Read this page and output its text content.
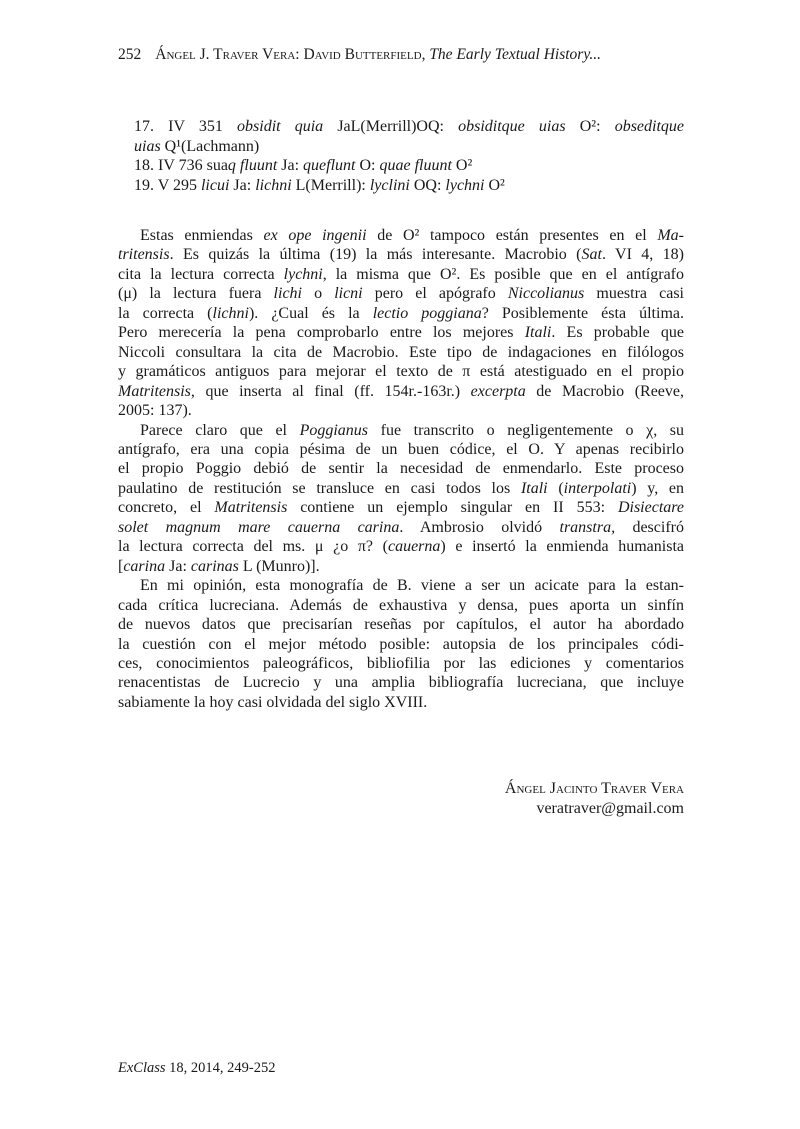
252 Ángel J. Traver Vera: David Butterfield, The Early Textual History...
17. IV 351 obsidit quia JaL(Merrill)OQ: obsiditque uias O²: obseditque
uias Q¹(Lachmann)
18. IV 736 suaq fluunt Ja: queflunt O: quae fluunt O²
19. V 295 licui Ja: lichni L(Merrill): lyclini OQ: lychni O²
Estas enmiendas ex ope ingenii de O² tampoco están presentes en el Ma-
tritensis. Es quizás la última (19) la más interesante. Macrobio (Sat. VI 4, 18)
cita la lectura correcta lychni, la misma que O². Es posible que en el antígrafo
(μ) la lectura fuera lichi o licni pero el apógrafo Niccolianus muestra casi
la correcta (lichni). ¿Cual és la lectio poggiana? Posiblemente ésta última.
Pero merecería la pena comprobarlo entre los mejores Itali. Es probable que
Niccoli consultara la cita de Macrobio. Este tipo de indagaciones en filólogos
y gramáticos antiguos para mejorar el texto de π está atestiguado en el propio
Matritensis, que inserta al final (ff. 154r.-163r.) excerpta de Macrobio (Reeve,
2005: 137).
Parece claro que el Poggianus fue transcrito o negligentemente o χ, su
antígrafo, era una copia pésima de un buen códice, el O. Y apenas recibirlo
el propio Poggio debió de sentir la necesidad de enmendarlo. Este proceso
paulatino de restitución se transluce en casi todos los Itali (interpolati) y, en
concreto, el Matritensis contiene un ejemplo singular en II 553: Disiectare
solet magnum mare cauerna carina. Ambrosio olvidó transtra, descifró
la lectura correcta del ms. μ ¿o π? (cauerna) e insertó la enmienda humanista
[carina Ja: carinas L (Munro)].
En mi opinión, esta monografía de B. viene a ser un acicate para la estan-
cada crítica lucreciana. Además de exhaustiva y densa, pues aporta un sinfín
de nuevos datos que precisarían reseñas por capítulos, el autor ha abordado
la cuestión con el mejor método posible: autopsia de los principales códi-
ces, conocimientos paleográficos, bibliofilia por las ediciones y comentarios
renacentistas de Lucrecio y una amplia bibliografía lucreciana, que incluye
sabiamente la hoy casi olvidada del siglo XVIII.
Ángel Jacinto Traver Vera
veratraver@gmail.com
ExClass 18, 2014, 249-252
